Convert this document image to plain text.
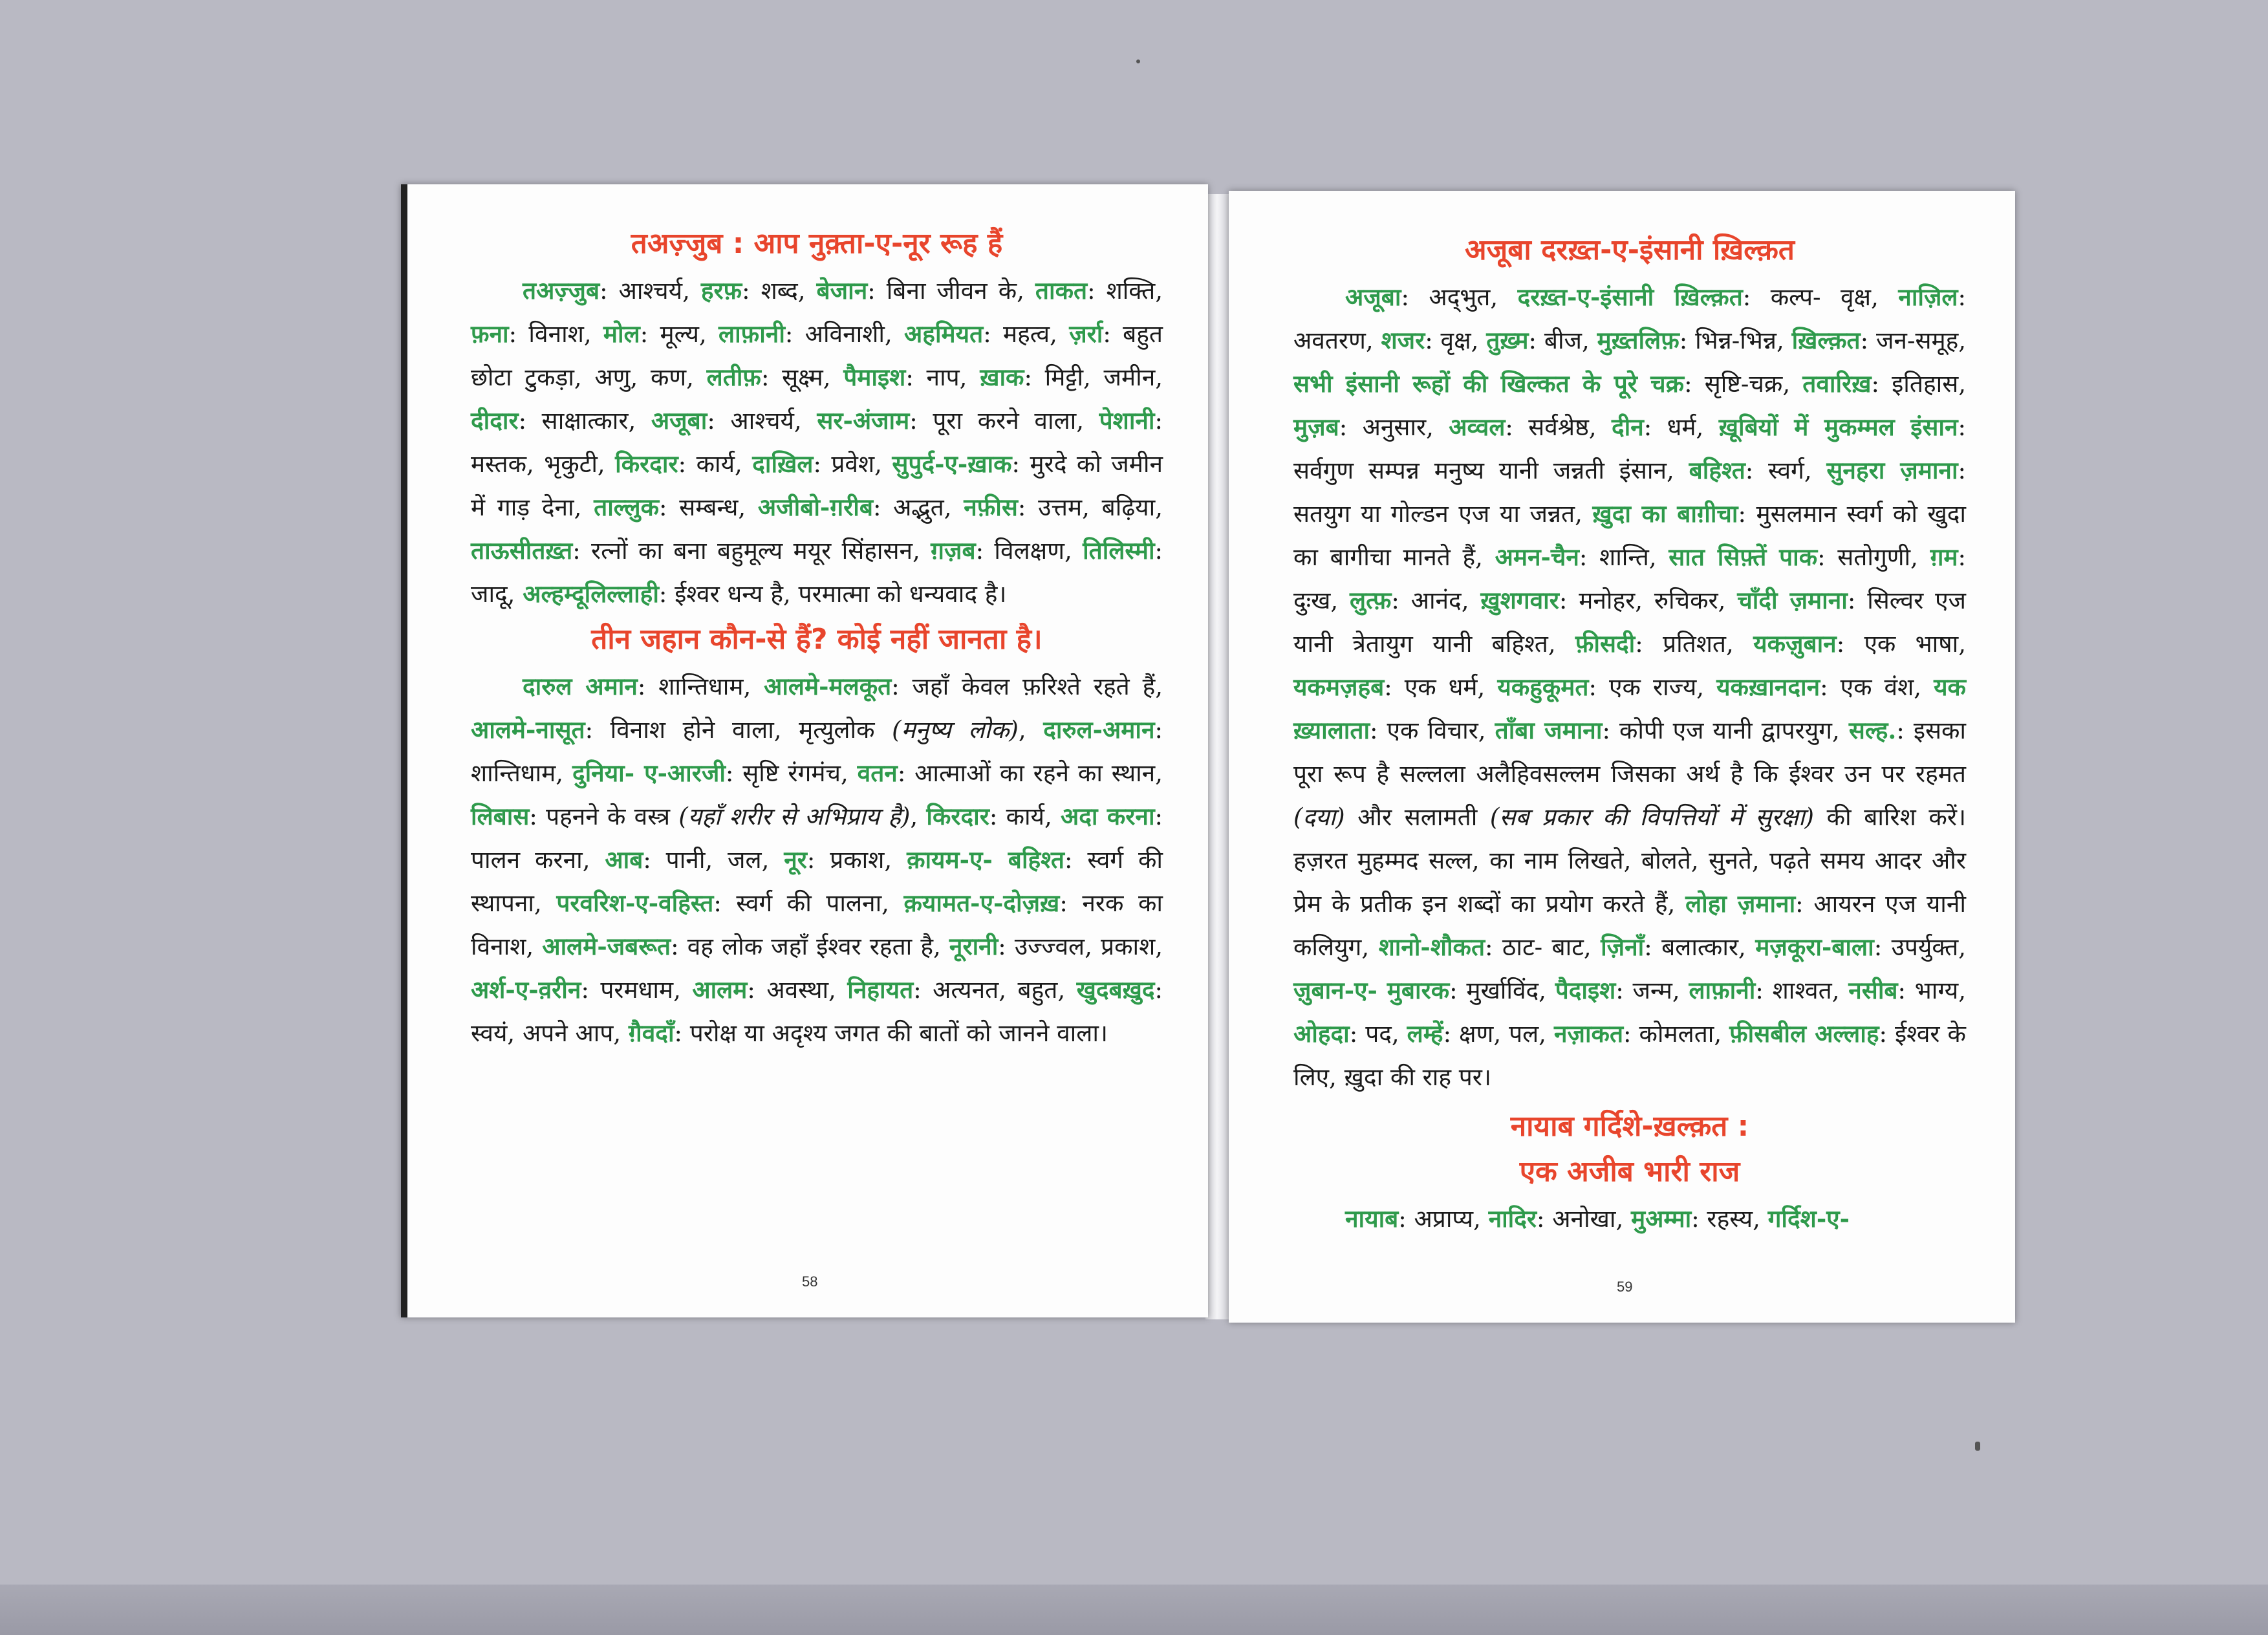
तअज़्जुब : आप नुक़्ता-ए-नूर रूह हैं

तअज़्जुब: आश्चर्य, हरफ़: शब्द, बेजान: बिना जीवन के, ताकत: शक्ति, फ़ना: विनाश, मोल: मूल्य, लाफ़ानी: अविनाशी, अहमियत: महत्व, ज़र्रा: बहुत छोटा टुकड़ा, अणु, कण, लतीफ़: सूक्ष्म, पैमाइश: नाप, ख़ाक: मिट्टी, जमीन, दीदार: साक्षात्कार, अजूबा: आश्चर्य, सर-अंजाम: पूरा करने वाला, पेशानी: मस्तक, भृकुटी, किरदार: कार्य, दाख़िल: प्रवेश, सुपुर्द-ए-ख़ाक: मुरदे को जमीन में गाड़ देना, ताल्लुक: सम्बन्ध, अजीबो-ग़रीब: अद्भुत, नफ़ीस: उत्तम, बढ़िया, ताऊसीतख़्त: रत्नों का बना बहुमूल्य मयूर सिंहासन, ग़ज़ब: विलक्षण, तिलिस्मी: जादू, अल्हम्दूलिल्लाही: ईश्वर धन्य है, परमात्मा को धन्यवाद है।

तीन जहान कौन-से हैं? कोई नहीं जानता है।

दारुल अमान: शान्तिधाम, आलमे-मलकूत: जहाँ केवल फ़रिश्ते रहते हैं, आलमे-नासूत: विनाश होने वाला, मृत्युलोक (मनुष्य लोक), दारुल-अमान: शान्तिधाम, दुनिया- ए-आरजी: सृष्टि रंगमंच, वतन: आत्माओं का रहने का स्थान, लिबास: पहनने के वस्त्र (यहाँ शरीर से अभिप्राय है), किरदार: कार्य, अदा करना: पालन करना, आब: पानी, जल, नूर: प्रकाश, क़ायम-ए- बहिश्त: स्वर्ग की स्थापना, परवरिश-ए-वहिस्त: स्वर्ग की पालना, क़यामत-ए-दोज़ख़: नरक का विनाश, आलमे-जबरूत: वह लोक जहाँ ईश्वर रहता है, नूरानी: उज्ज्वल, प्रकाश, अर्श-ए-व़रीन: परमधाम, आलम: अवस्था, निहायत: अत्यनत, बहुत, खुदबख़ुद: स्वयं, अपने आप, ग़ैवदाँ: परोक्ष या अदृश्य जगत की बातों को जानने वाला।

58
अजूबा दरख़्त-ए-इंसानी ख़िल्क़त

अजूबा: अद्‌भुत, दरख़्त-ए-इंसानी ख़िल्क़त: कल्प- वृक्ष, नाज़िल: अवतरण, शजर: वृक्ष, तुख़्म: बीज, मुख़्तलिफ़: भिन्न-भिन्न, ख़िल्क़त: जन-समूह, सभी इंसानी रूहों की खिल्कत के पूरे चक्र: सृष्टि-चक्र, तवारिख़: इतिहास, मुज़ब: अनुसार, अव्वल: सर्वश्रेष्ठ, दीन: धर्म, ख़ूबियों में मुकम्मल इंसान: सर्वगुण सम्पन्न मनुष्य यानी जन्नती इंसान, बहिश्त: स्वर्ग, सुनहरा ज़माना: सतयुग या गोल्डन एज या जन्नत, ख़ुदा का बाग़ीचा: मुसलमान स्वर्ग को खुदा का बागीचा मानते हैं, अमन-चैन: शान्ति, सात सिफ़्तें पाक: सतोगुणी, ग़म: दुःख, लुत्फ़: आनंद, ख़ुशगवार: मनोहर, रुचिकर, चाँदी ज़माना: सिल्वर एज यानी त्रेतायुग यानी बहिश्त, फ़ीसदी: प्रतिशत, यकज़ुबान: एक भाषा, यकमज़हब: एक धर्म, यकहुकूमत: एक राज्य, यकख़ानदान: एक वंश, यक ख़्यालाता: एक विचार, ताँबा जमाना: कोपी एज यानी द्वापरयुग, सल्ह.: इसका पूरा रूप है सल्लला अलैहिवसल्लम जिसका अर्थ है कि ईश्वर उन पर रहमत (दया) और सलामती (सब प्रकार की विपत्तियों में सुरक्षा) की बारिश करें। हज़रत मुहम्मद सल्ल, का नाम लिखते, बोलते, सुनते, पढ़ते समय आदर और प्रेम के प्रतीक इन शब्दों का प्रयोग करते हैं, लोहा ज़माना: आयरन एज यानी कलियुग, शानो-शौकत: ठाट- बाट, ज़िनाँ: बलात्कार, मज़कूरा-बाला: उपर्युक्त, ज़ुबान-ए- मुबारक: मुर्खाविंद, पैदाइश: जन्म, लाफ़ानी: शाश्वत, नसीब: भाग्य, ओहदा: पद, लम्हें: क्षण, पल, नज़ाकत: कोमलता, फ़ीसबील अल्लाह: ईश्वर के लिए, ख़ुदा की राह पर।

नायाब गर्दिशे-ख़ल्क़त :
एक अजीब भारी राज

नायाब: अप्राप्य, नादिर: अनोखा, मुअम्मा: रहस्य, गर्दिश-ए-

59
